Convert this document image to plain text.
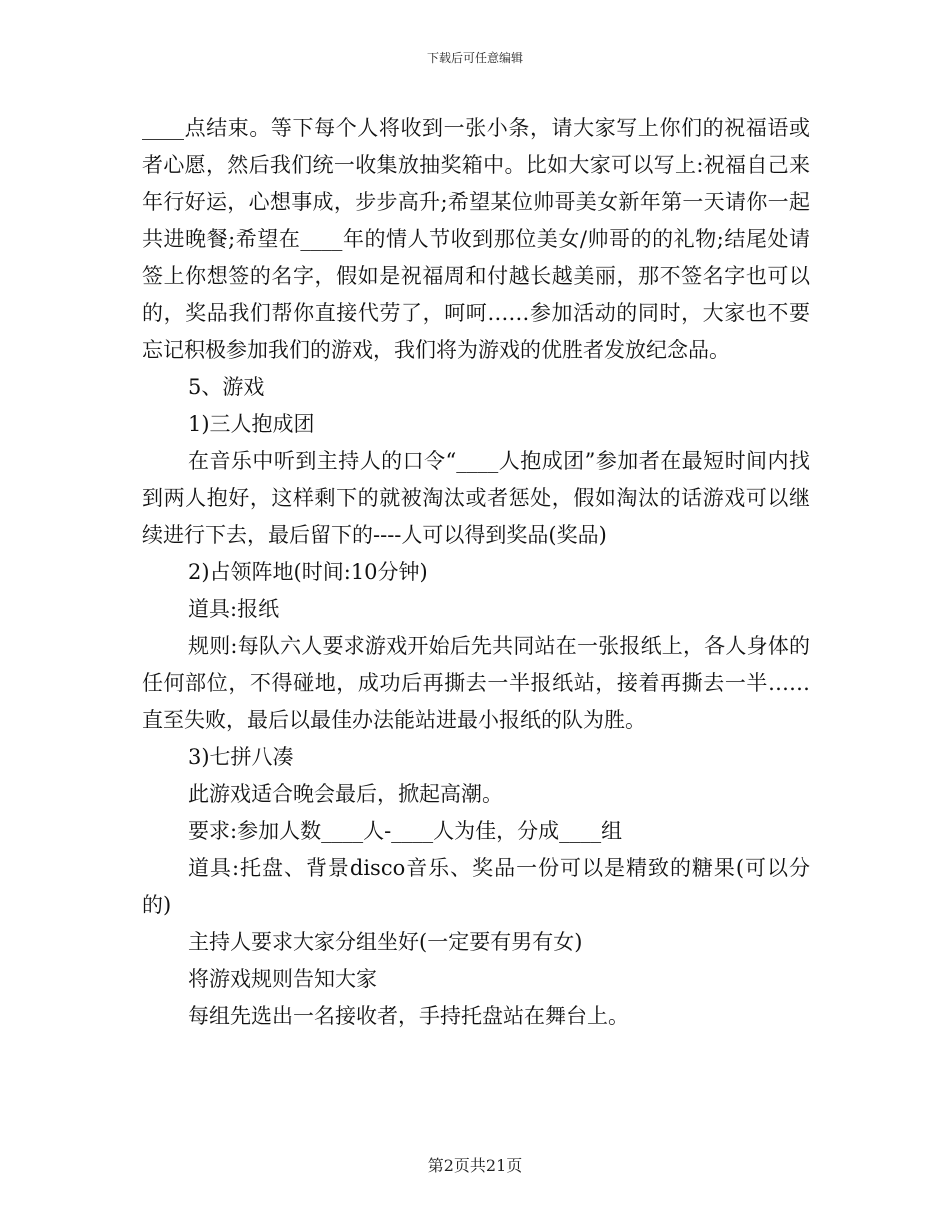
下载后可任意编辑

____点结束。等下每个人将收到一张小条，请大家写上你们的祝福语或者心愿，然后我们统一收集放抽奖箱中。比如大家可以写上:祝福自己来年行好运，心想事成，步步高升;希望某位帅哥美女新年第一天请你一起共进晚餐;希望在____年的情人节收到那位美女/帅哥的的礼物;结尾处请签上你想签的名字，假如是祝福周和付越长越美丽，那不签名字也可以的，奖品我们帮你直接代劳了，呵呵……参加活动的同时，大家也不要忘记积极参加我们的游戏，我们将为游戏的优胜者发放纪念品。

5、游戏

1)三人抱成团

在音乐中听到主持人的口令“____人抱成团”参加者在最短时间内找到两人抱好，这样剩下的就被淘汰或者惩处，假如淘汰的话游戏可以继续进行下去，最后留下的----人可以得到奖品(奖品)

2)占领阵地(时间:10分钟)

道具:报纸

规则:每队六人要求游戏开始后先共同站在一张报纸上，各人身体的任何部位，不得碰地，成功后再撕去一半报纸站，接着再撕去一半……直至失败，最后以最佳办法能站进最小报纸的队为胜。

3)七拼八凑

此游戏适合晚会最后，掀起高潮。

要求:参加人数____人-____人为佳，分成____组

道具:托盘、背景disco音乐、奖品一份可以是精致的糖果(可以分的)

主持人要求大家分组坐好(一定要有男有女)

将游戏规则告知大家

每组先选出一名接收者，手持托盘站在舞台上。

第2页共21页
